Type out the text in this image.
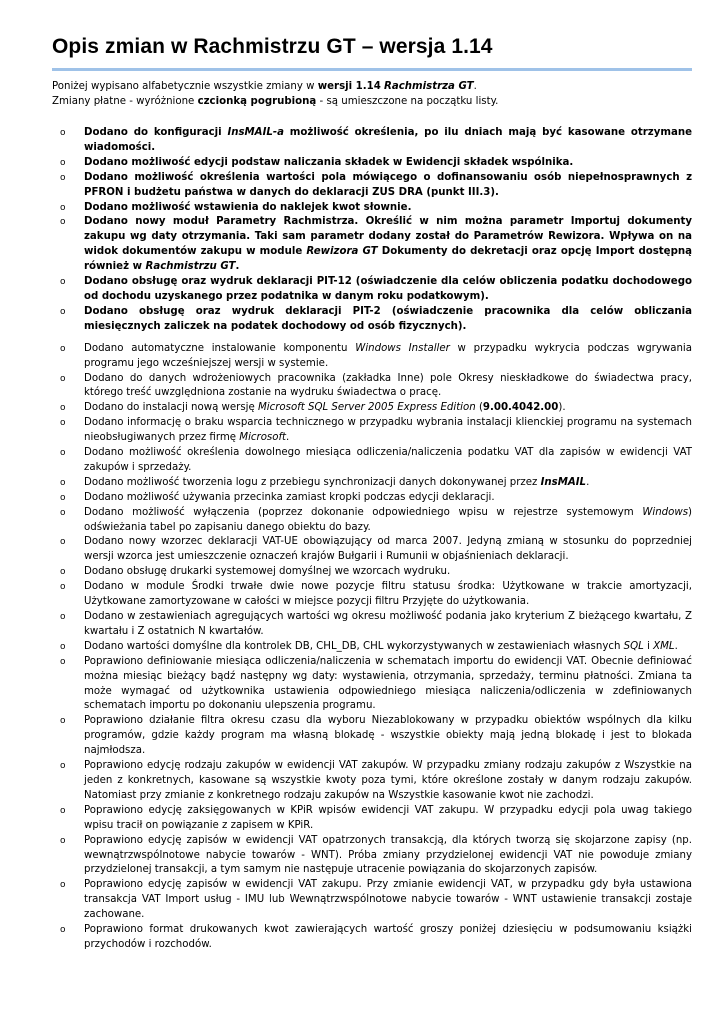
Opis zmian w Rachmistrzu GT – wersja 1.14
Poniżej wypisano alfabetycznie wszystkie zmiany w wersji 1.14 Rachmistrza GT.
Zmiany płatne - wyróżnione czcionką pogrubioną - są umieszczone na początku listy.
o Dodano do konfiguracji InsMAIL-a możliwość określenia, po ilu dniach mają być kasowane otrzymane wiadomości.
o Dodano możliwość edycji podstaw naliczania składek w Ewidencji składek wspólnika.
o Dodano możliwość określenia wartości pola mówiącego o dofinansowaniu osób niepełnosprawnych z PFRON i budżetu państwa w danych do deklaracji ZUS DRA (punkt III.3).
o Dodano możliwość wstawienia do naklejek kwot słownie.
o Dodano nowy moduł Parametry Rachmistrza. Określić w nim można parametr Importuj dokumenty zakupu wg daty otrzymania. Taki sam parametr dodany został do Parametrów Rewizora. Wpływa on na widok dokumentów zakupu w module Rewizora GT Dokumenty do dekretacji oraz opcję Import dostępną również w Rachmistrzu GT.
o Dodano obsługę oraz wydruk deklaracji PIT-12 (oświadczenie dla celów obliczenia podatku dochodowego od dochodu uzyskanego przez podatnika w danym roku podatkowym).
o Dodano obsługę oraz wydruk deklaracji PIT-2 (oświadczenie pracownika dla celów obliczania miesięcznych zaliczek na podatek dochodowy od osób fizycznych).
o Dodano automatyczne instalowanie komponentu Windows Installer w przypadku wykrycia podczas wgrywania programu jego wcześniejszej wersji w systemie.
o Dodano do danych wdrożeniowych pracownika (zakładka Inne) pole Okresy nieskładkowe do świadectwa pracy, którego treść uwzględniona zostanie na wydruku świadectwa o pracę.
o Dodano do instalacji nową wersję Microsoft SQL Server 2005 Express Edition (9.00.4042.00).
o Dodano informację o braku wsparcia technicznego w przypadku wybrania instalacji klienckiej programu na systemach nieobsługiwanych przez firmę Microsoft.
o Dodano możliwość określenia dowolnego miesiąca odliczenia/naliczenia podatku VAT dla zapisów w ewidencji VAT zakupów i sprzedaży.
o Dodano możliwość tworzenia logu z przebiegu synchronizacji danych dokonywanej przez InsMAIL.
o Dodano możliwość używania przecinka zamiast kropki podczas edycji deklaracji.
o Dodano możliwość wyłączenia (poprzez dokonanie odpowiedniego wpisu w rejestrze systemowym Windows) odświeżania tabel po zapisaniu danego obiektu do bazy.
o Dodano nowy wzorzec deklaracji VAT-UE obowiązujący od marca 2007. Jedyną zmianą w stosunku do poprzedniej wersji wzorca jest umieszczenie oznaczeń krajów Bułgarii i Rumunii w objaśnieniach deklaracji.
o Dodano obsługę drukarki systemowej domyślnej we wzorcach wydruku.
o Dodano w module Środki trwałe dwie nowe pozycje filtru statusu środka: Użytkowane w trakcie amortyzacji, Użytkowane zamortyzowane w całości w miejsce pozycji filtru Przyjęte do użytkowania.
o Dodano w zestawieniach agregujących wartości wg okresu możliwość podania jako kryterium Z bieżącego kwartału, Z kwartału i Z ostatnich N kwartałów.
o Dodano wartości domyślne dla kontrolek DB, CHL_DB, CHL wykorzystywanych w zestawieniach własnych SQL i XML.
o Poprawiono definiowanie miesiąca odliczenia/naliczenia w schematach importu do ewidencji VAT. Obecnie definiować można miesiąc bieżący bądź następny wg daty: wystawienia, otrzymania, sprzedaży, terminu płatności. Zmiana ta może wymagać od użytkownika ustawienia odpowiedniego miesiąca naliczenia/odliczenia w zdefiniowanych schematach importu po dokonaniu ulepszenia programu.
o Poprawiono działanie filtra okresu czasu dla wyboru Niezablokowany w przypadku obiektów wspólnych dla kilku programów, gdzie każdy program ma własną blokadę - wszystkie obiekty mają jedną blokadę i jest to blokada najmłodsza.
o Poprawiono edycję rodzaju zakupów w ewidencji VAT zakupów. W przypadku zmiany rodzaju zakupów z Wszystkie na jeden z konkretnych, kasowane są wszystkie kwoty poza tymi, które określone zostały w danym rodzaju zakupów. Natomiast przy zmianie z konkretnego rodzaju zakupów na Wszystkie kasowanie kwot nie zachodzi.
o Poprawiono edycję zaksięgowanych w KPiR wpisów ewidencji VAT zakupu. W przypadku edycji pola uwag takiego wpisu tracił on powiązanie z zapisem w KPiR.
o Poprawiono edycję zapisów w ewidencji VAT opatrzonych transakcją, dla których tworzą się skojarzone zapisy (np. wewnątrzwspólnotowe nabycie towarów - WNT). Próba zmiany przydzielonej ewidencji VAT nie powoduje zmiany przydzielonej transakcji, a tym samym nie następuje utracenie powiązania do skojarzonych zapisów.
o Poprawiono edycję zapisów w ewidencji VAT zakupu. Przy zmianie ewidencji VAT, w przypadku gdy była ustawiona transakcja VAT Import usług - IMU lub Wewnątrzwspólnotowe nabycie towarów - WNT ustawienie transakcji zostaje zachowane.
o Poprawiono format drukowanych kwot zawierających wartość groszy poniżej dziesięciu w podsumowaniu książki przychodów i rozchodów.
